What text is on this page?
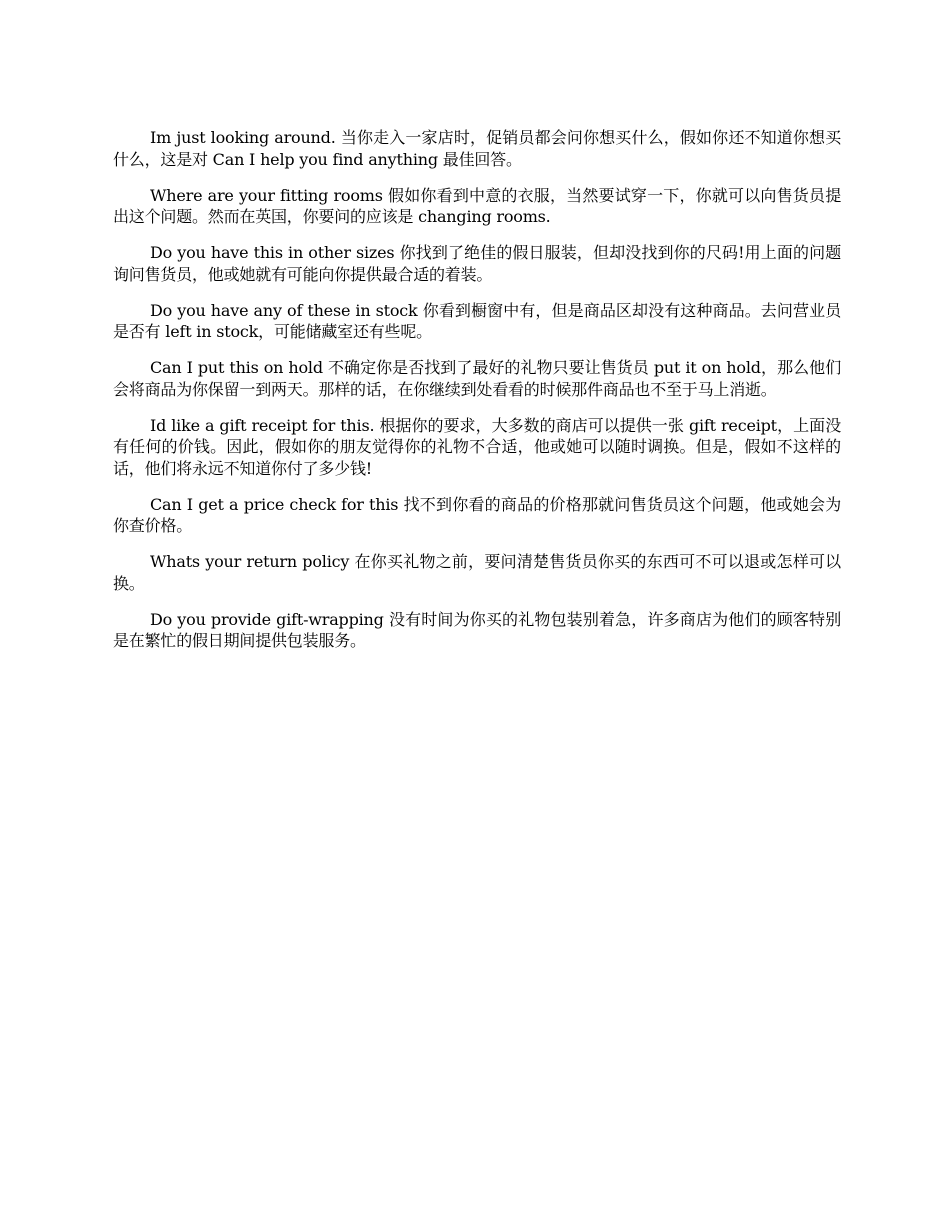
Im just looking around. 当你走入一家店时，促销员都会问你想买什么，假如你还不知道你想买什么，这是对 Can I help you find anything 最佳回答。

Where are your fitting rooms 假如你看到中意的衣服，当然要试穿一下，你就可以向售货员提出这个问题。然而在英国，你要问的应该是 changing rooms.

Do you have this in other sizes 你找到了绝佳的假日服装，但却没找到你的尺码!用上面的问题询问售货员，他或她就有可能向你提供最合适的着装。

Do you have any of these in stock 你看到橱窗中有，但是商品区却没有这种商品。去问营业员是否有 left in stock，可能储藏室还有些呢。

Can I put this on hold 不确定你是否找到了最好的礼物只要让售货员 put it on hold，那么他们会将商品为你保留一到两天。那样的话，在你继续到处看看的时候那件商品也不至于马上消逝。

Id like a gift receipt for this. 根据你的要求，大多数的商店可以提供一张 gift receipt，上面没有任何的价钱。因此，假如你的朋友觉得你的礼物不合适，他或她可以随时调换。但是，假如不这样的话，他们将永远不知道你付了多少钱!

Can I get a price check for this 找不到你看的商品的价格那就问售货员这个问题，他或她会为你查价格。

Whats your return policy 在你买礼物之前，要问清楚售货员你买的东西可不可以退或怎样可以换。

Do you provide gift-wrapping 没有时间为你买的礼物包装别着急，许多商店为他们的顾客特别是在繁忙的假日期间提供包装服务。
